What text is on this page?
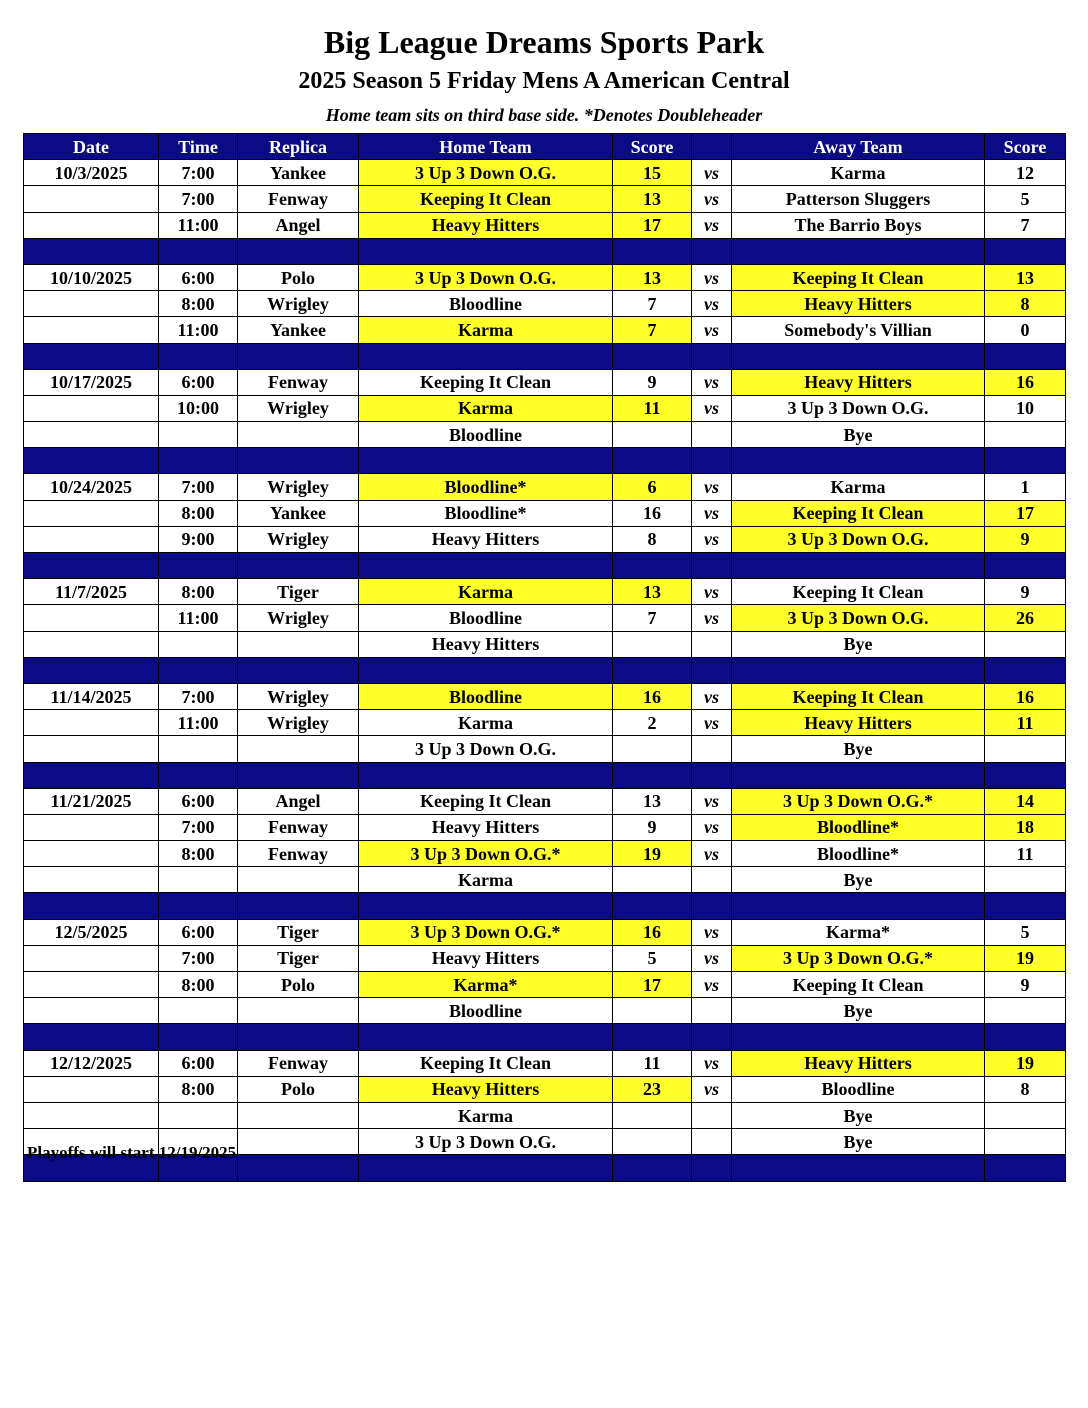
Big League Dreams Sports Park
2025 Season 5 Friday Mens A American Central
Home team sits on third base side. *Denotes Doubleheader
Date	Time	Replica	Home Team	Score		Away Team	Score
10/3/2025	7:00	Yankee	3 Up 3 Down O.G.	15	vs	Karma	12
	7:00	Fenway	Keeping It Clean	13	vs	Patterson Sluggers	5
	11:00	Angel	Heavy Hitters	17	vs	The Barrio Boys	7

10/10/2025	6:00	Polo	3 Up 3 Down O.G.	13	vs	Keeping It Clean	13
	8:00	Wrigley	Bloodline	7	vs	Heavy Hitters	8
	11:00	Yankee	Karma	7	vs	Somebody's Villian	0

10/17/2025	6:00	Fenway	Keeping It Clean	9	vs	Heavy Hitters	16
	10:00	Wrigley	Karma	11	vs	3 Up 3 Down O.G.	10
			Bloodline			Bye	

10/24/2025	7:00	Wrigley	Bloodline*	6	vs	Karma	1
	8:00	Yankee	Bloodline*	16	vs	Keeping It Clean	17
	9:00	Wrigley	Heavy Hitters	8	vs	3 Up 3 Down O.G.	9

11/7/2025	8:00	Tiger	Karma	13	vs	Keeping It Clean	9
	11:00	Wrigley	Bloodline	7	vs	3 Up 3 Down O.G.	26
			Heavy Hitters			Bye	

11/14/2025	7:00	Wrigley	Bloodline	16	vs	Keeping It Clean	16
	11:00	Wrigley	Karma	2	vs	Heavy Hitters	11
			3 Up 3 Down O.G.			Bye	

11/21/2025	6:00	Angel	Keeping It Clean	13	vs	3 Up 3 Down O.G.*	14
	7:00	Fenway	Heavy Hitters	9	vs	Bloodline*	18
	8:00	Fenway	3 Up 3 Down O.G.*	19	vs	Bloodline*	11
			Karma			Bye	

12/5/2025	6:00	Tiger	3 Up 3 Down O.G.*	16	vs	Karma*	5
	7:00	Tiger	Heavy Hitters	5	vs	3 Up 3 Down O.G.*	19
	8:00	Polo	Karma*	17	vs	Keeping It Clean	9
			Bloodline			Bye	

12/12/2025	6:00	Fenway	Keeping It Clean	11	vs	Heavy Hitters	19
	8:00	Polo	Heavy Hitters	23	vs	Bloodline	8
			Karma			Bye	
			3 Up 3 Down O.G.			Bye	

Playoffs will start 12/19/2025
